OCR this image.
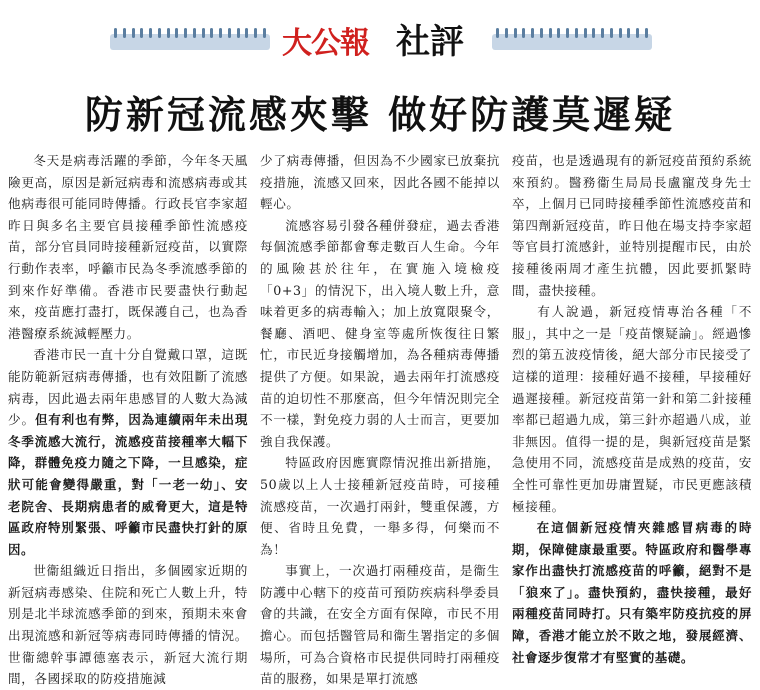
大公報 社評
防新冠流感夾擊 做好防護莫遲疑

冬天是病毒活躍的季節，今年冬天風險更高，原因是新冠病毒和流感病毒或其他病毒很可能同時傳播。行政長官李家超昨日與多名主要官員接種季節性流感疫苗，部分官員同時接種新冠疫苗，以實際行動作表率，呼籲市民為冬季流感季節的到來作好準備。香港市民要盡快行動起來，疫苗應打盡打，既保護自己，也為香港醫療系統減輕壓力。

香港市民一直十分自覺戴口罩，這既能防範新冠病毒傳播，也有效阻斷了流感病毒，因此過去兩年患感冒的人數大為減少。但有利也有弊，因為連續兩年未出現冬季流感大流行，流感疫苗接種率大幅下降，群體免疫力隨之下降，一旦感染，症狀可能會變得嚴重，對「一老一幼」、安老院舍、長期病患者的威脅更大，這是特區政府特別緊張、呼籲市民盡快打針的原因。

世衞組織近日指出，多個國家近期的新冠病毒感染、住院和死亡人數上升，特別是北半球流感季節的到來，預期未來會出現流感和新冠等病毒同時傳播的情況。世衞總幹事譚德塞表示，新冠大流行期間，各國採取的防疫措施減

少了病毒傳播，但因為不少國家已放棄抗疫措施，流感又回來，因此各國不能掉以輕心。

流感容易引發各種併發症，過去香港每個流感季節都會奪走數百人生命。今年的風險甚於往年，在實施入境檢疫「0+3」的情況下，出入境人數上升，意味着更多的病毒輸入；加上放寬限聚令，餐廳、酒吧、健身室等處所恢復往日繁忙，市民近身接觸增加，為各種病毒傳播提供了方便。如果說，過去兩年打流感疫苗的迫切性不那麼高，但今年情況則完全不一樣，對免疫力弱的人士而言，更要加強自我保護。

特區政府因應實際情況推出新措施，50歲以上人士接種新冠疫苗時，可接種流感疫苗，一次過打兩針，雙重保護，方便、省時且免費，一舉多得，何樂而不為！

事實上，一次過打兩種疫苗，是衞生防護中心轄下的疫苗可預防疾病科學委員會的共識，在安全方面有保障，市民不用擔心。而包括醫管局和衞生署指定的多個場所，可為合資格市民提供同時打兩種疫苗的服務，如果是單打流感

疫苗，也是透過現有的新冠疫苗預約系統來預約。醫務衞生局局長盧寵茂身先士卒，上個月已同時接種季節性流感疫苗和第四劑新冠疫苗，昨日他在場支持李家超等官員打流感針，並特別提醒市民，由於接種後兩周才產生抗體，因此要抓緊時間，盡快接種。

有人說過，新冠疫情專治各種「不服」，其中之一是「疫苗懷疑論」。經過慘烈的第五波疫情後，絕大部分市民接受了這樣的道理：接種好過不接種，早接種好過遲接種。新冠疫苗第一針和第二針接種率都已超過九成，第三針亦超過八成，並非無因。值得一提的是，與新冠疫苗是緊急使用不同，流感疫苗是成熟的疫苗，安全性可靠性更加毋庸置疑，市民更應該積極接種。

在這個新冠疫情夾雜感冒病毒的時期，保障健康最重要。特區政府和醫學專家作出盡快打流感疫苗的呼籲，絕對不是「狼來了」。盡快預約，盡快接種，最好兩種疫苗同時打。只有築牢防疫抗疫的屏障，香港才能立於不敗之地，發展經濟、社會逐步復常才有堅實的基礎。
